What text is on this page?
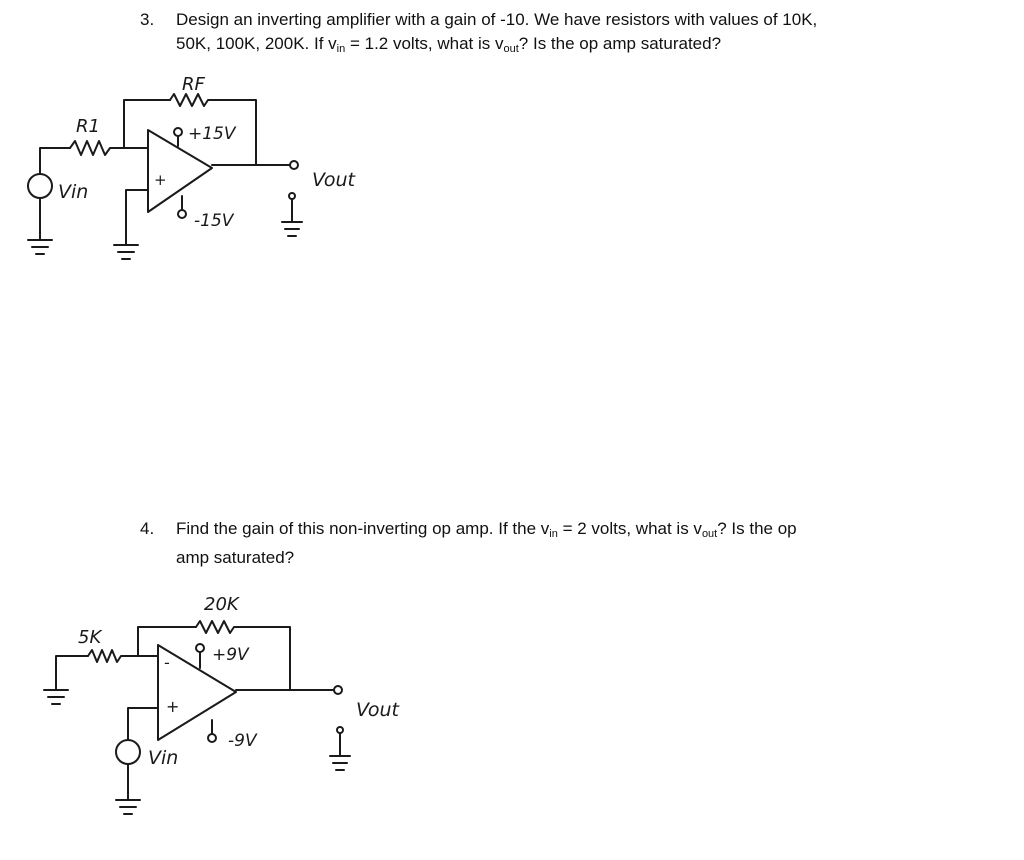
3. Design an inverting amplifier with a gain of -10. We have resistors with values of 10K,
50K, 100K, 200K. If $v_{in} = 1.2$ volts, what is $v_{out}$? Is the op amp saturated?
4. Find the gain of this non-inverting op amp. If the $v_{in} = 2$ volts, what is $v_{out}$? Is the op
amp saturated?
R1
RF
Vout
+
+15V
-15V
Vin
-
+
5K
20K
Vout
+9V
-9V
Vin
